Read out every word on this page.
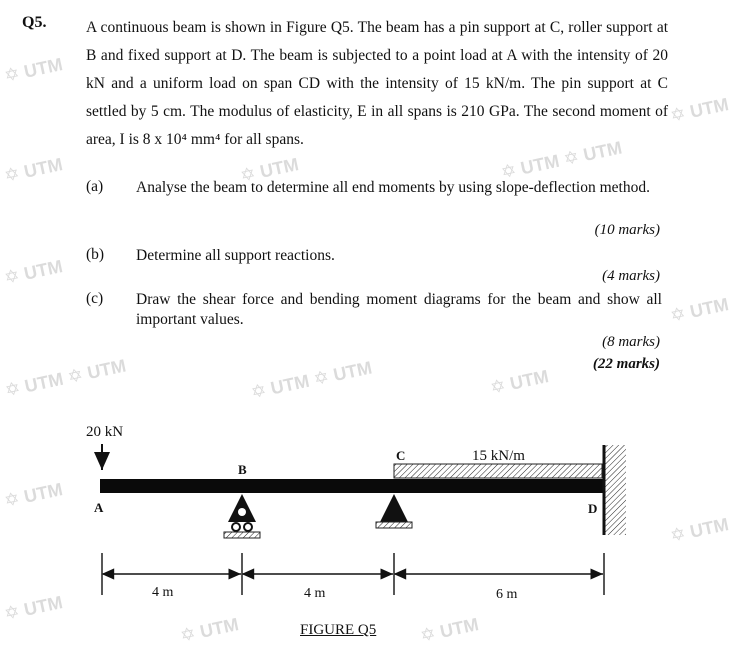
✡ UTM
✡ UTM
✡ UTM
✡ UTM ✡ UTM
✡ UTM
✡ UTM
✡ UTM	✡ UTM ✡ UTM
✡ UTM ✡ UTM
✡ UTM
✡ UTM
✡ UTM
✡ UTM
✡ UTM	✡ UTM
Q5.	A continuous beam is shown in Figure Q5. The beam has a pin support at C, roller support at B and fixed support at D. The beam is subjected to a point load at A with the intensity of 20 kN and a uniform load on span CD with the intensity of 15 kN/m. The pin support at C settled by 5 cm. The modulus of elasticity, E in all spans is 210 GPa. The second moment of area, I is 8 x 10⁴ mm⁴ for all spans.
(a) Analyse the beam to determine all end moments by using slope-deflection method.
(10 marks)
(b) Determine all support reactions.
(4 marks)
(c) Draw the shear force and bending moment diagrams for the beam and show all important values.
(8 marks)
(22 marks)
20 kN
15 kN/m
A
B
C
D
4 m	4 m	6 m
FIGURE Q5
